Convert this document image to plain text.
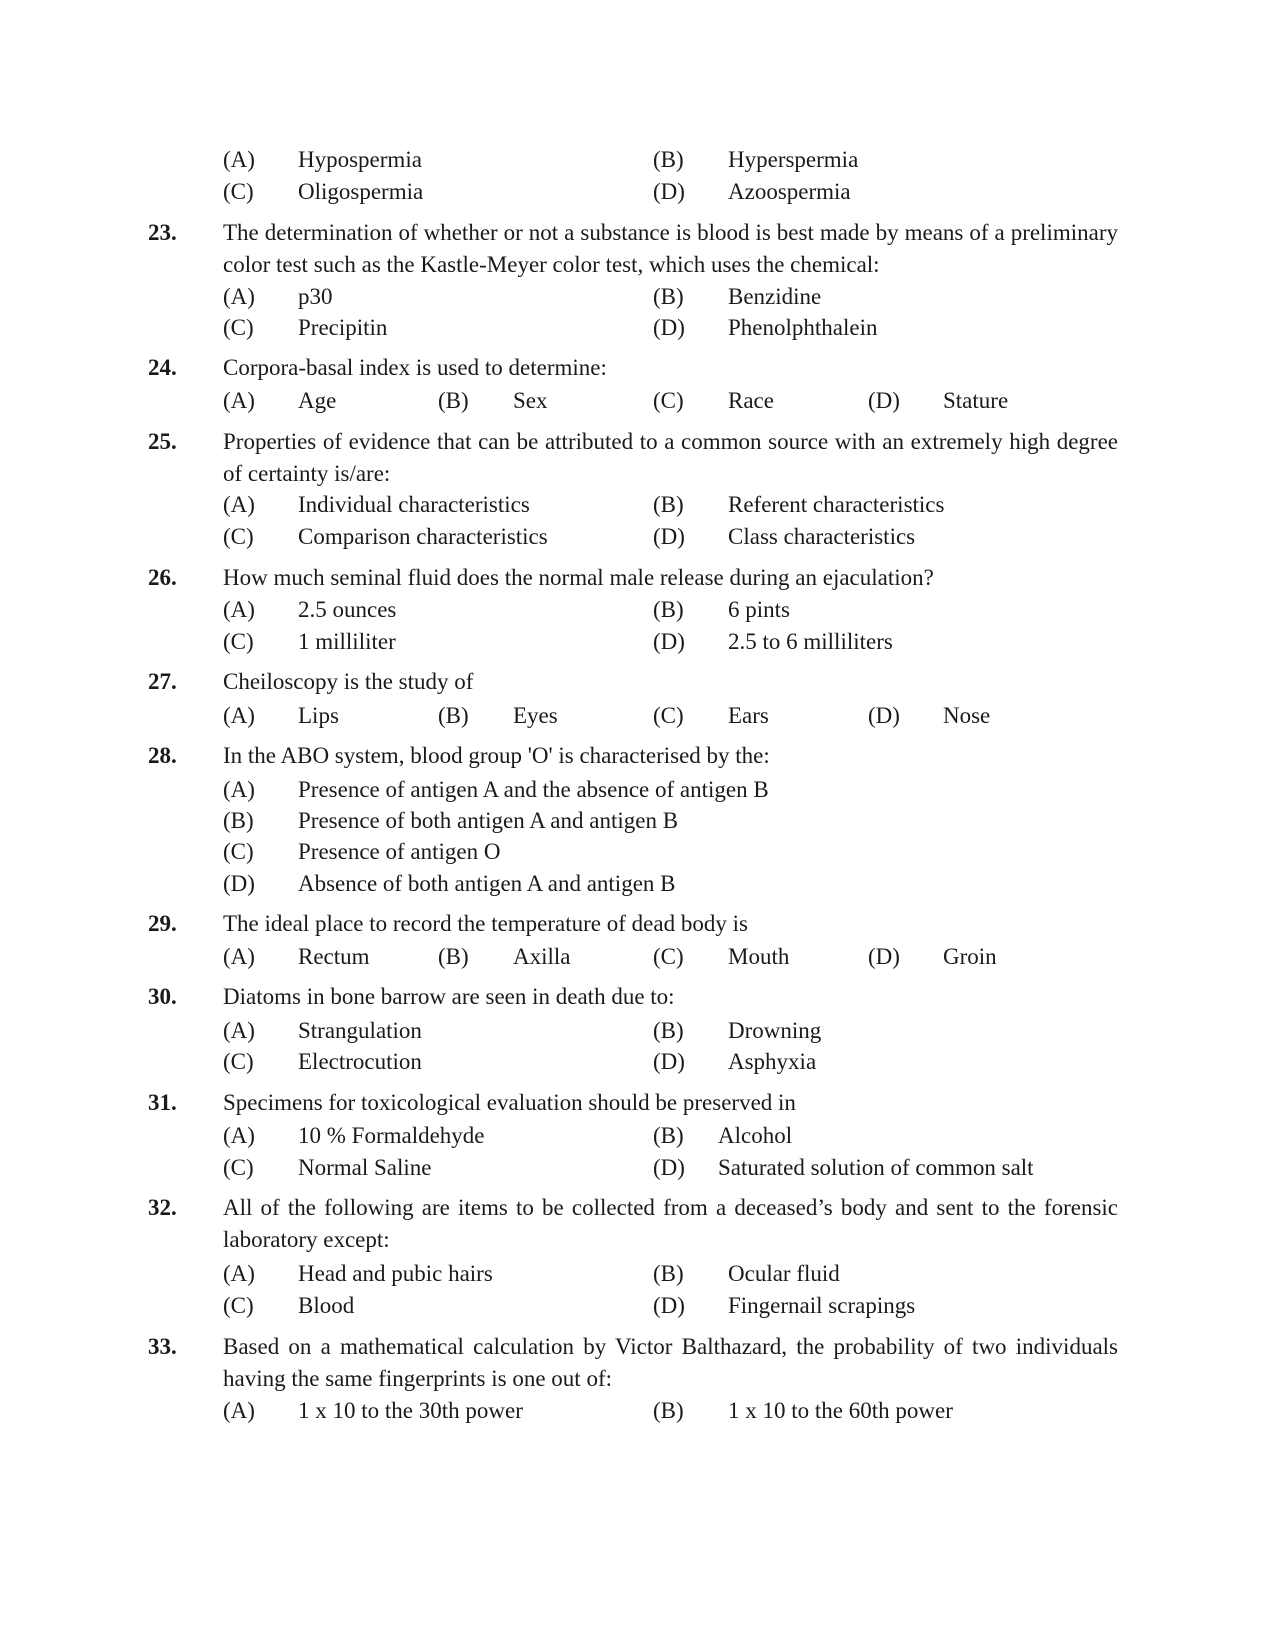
(A) Hypospermia	(B) Hyperspermia
(C) Oligospermia	(D) Azoospermia
23.	The determination of whether or not a substance is blood is best made by means of a preliminary color test such as the Kastle-Meyer color test, which uses the chemical:
(A) p30	(B) Benzidine
(C) Precipitin	(D) Phenolphthalein
24.	Corpora-basal index is used to determine:
(A) Age	(B) Sex	(C) Race	(D) Stature
25.	Properties of evidence that can be attributed to a common source with an extremely high degree of certainty is/are:
(A) Individual characteristics	(B) Referent characteristics
(C) Comparison characteristics	(D) Class characteristics
26.	How much seminal fluid does the normal male release during an ejaculation?
(A) 2.5 ounces	(B) 6 pints
(C) 1 milliliter	(D) 2.5 to 6 milliliters
27.	Cheiloscopy is the study of
(A) Lips	(B) Eyes	(C) Ears	(D) Nose
28.	In the ABO system, blood group 'O' is characterised by the:
(A) Presence of antigen A and the absence of antigen B
(B) Presence of both antigen A and antigen B
(C) Presence of antigen O
(D) Absence of both antigen A and antigen B
29.	The ideal place to record the temperature of dead body is
(A) Rectum	(B) Axilla	(C) Mouth	(D) Groin
30.	Diatoms in bone barrow are seen in death due to:
(A) Strangulation	(B) Drowning
(C) Electrocution	(D) Asphyxia
31.	Specimens for toxicological evaluation should be preserved in
(A) 10 % Formaldehyde	(B) Alcohol
(C) Normal Saline	(D) Saturated solution of common salt
32.	All of the following are items to be collected from a deceased’s body and sent to the forensic laboratory except:
(A) Head and pubic hairs	(B) Ocular fluid
(C) Blood	(D) Fingernail scrapings
33.	Based on a mathematical calculation by Victor Balthazard, the probability of two individuals having the same fingerprints is one out of:
(A) 1 x 10 to the 30th power	(B) 1 x 10 to the 60th power
